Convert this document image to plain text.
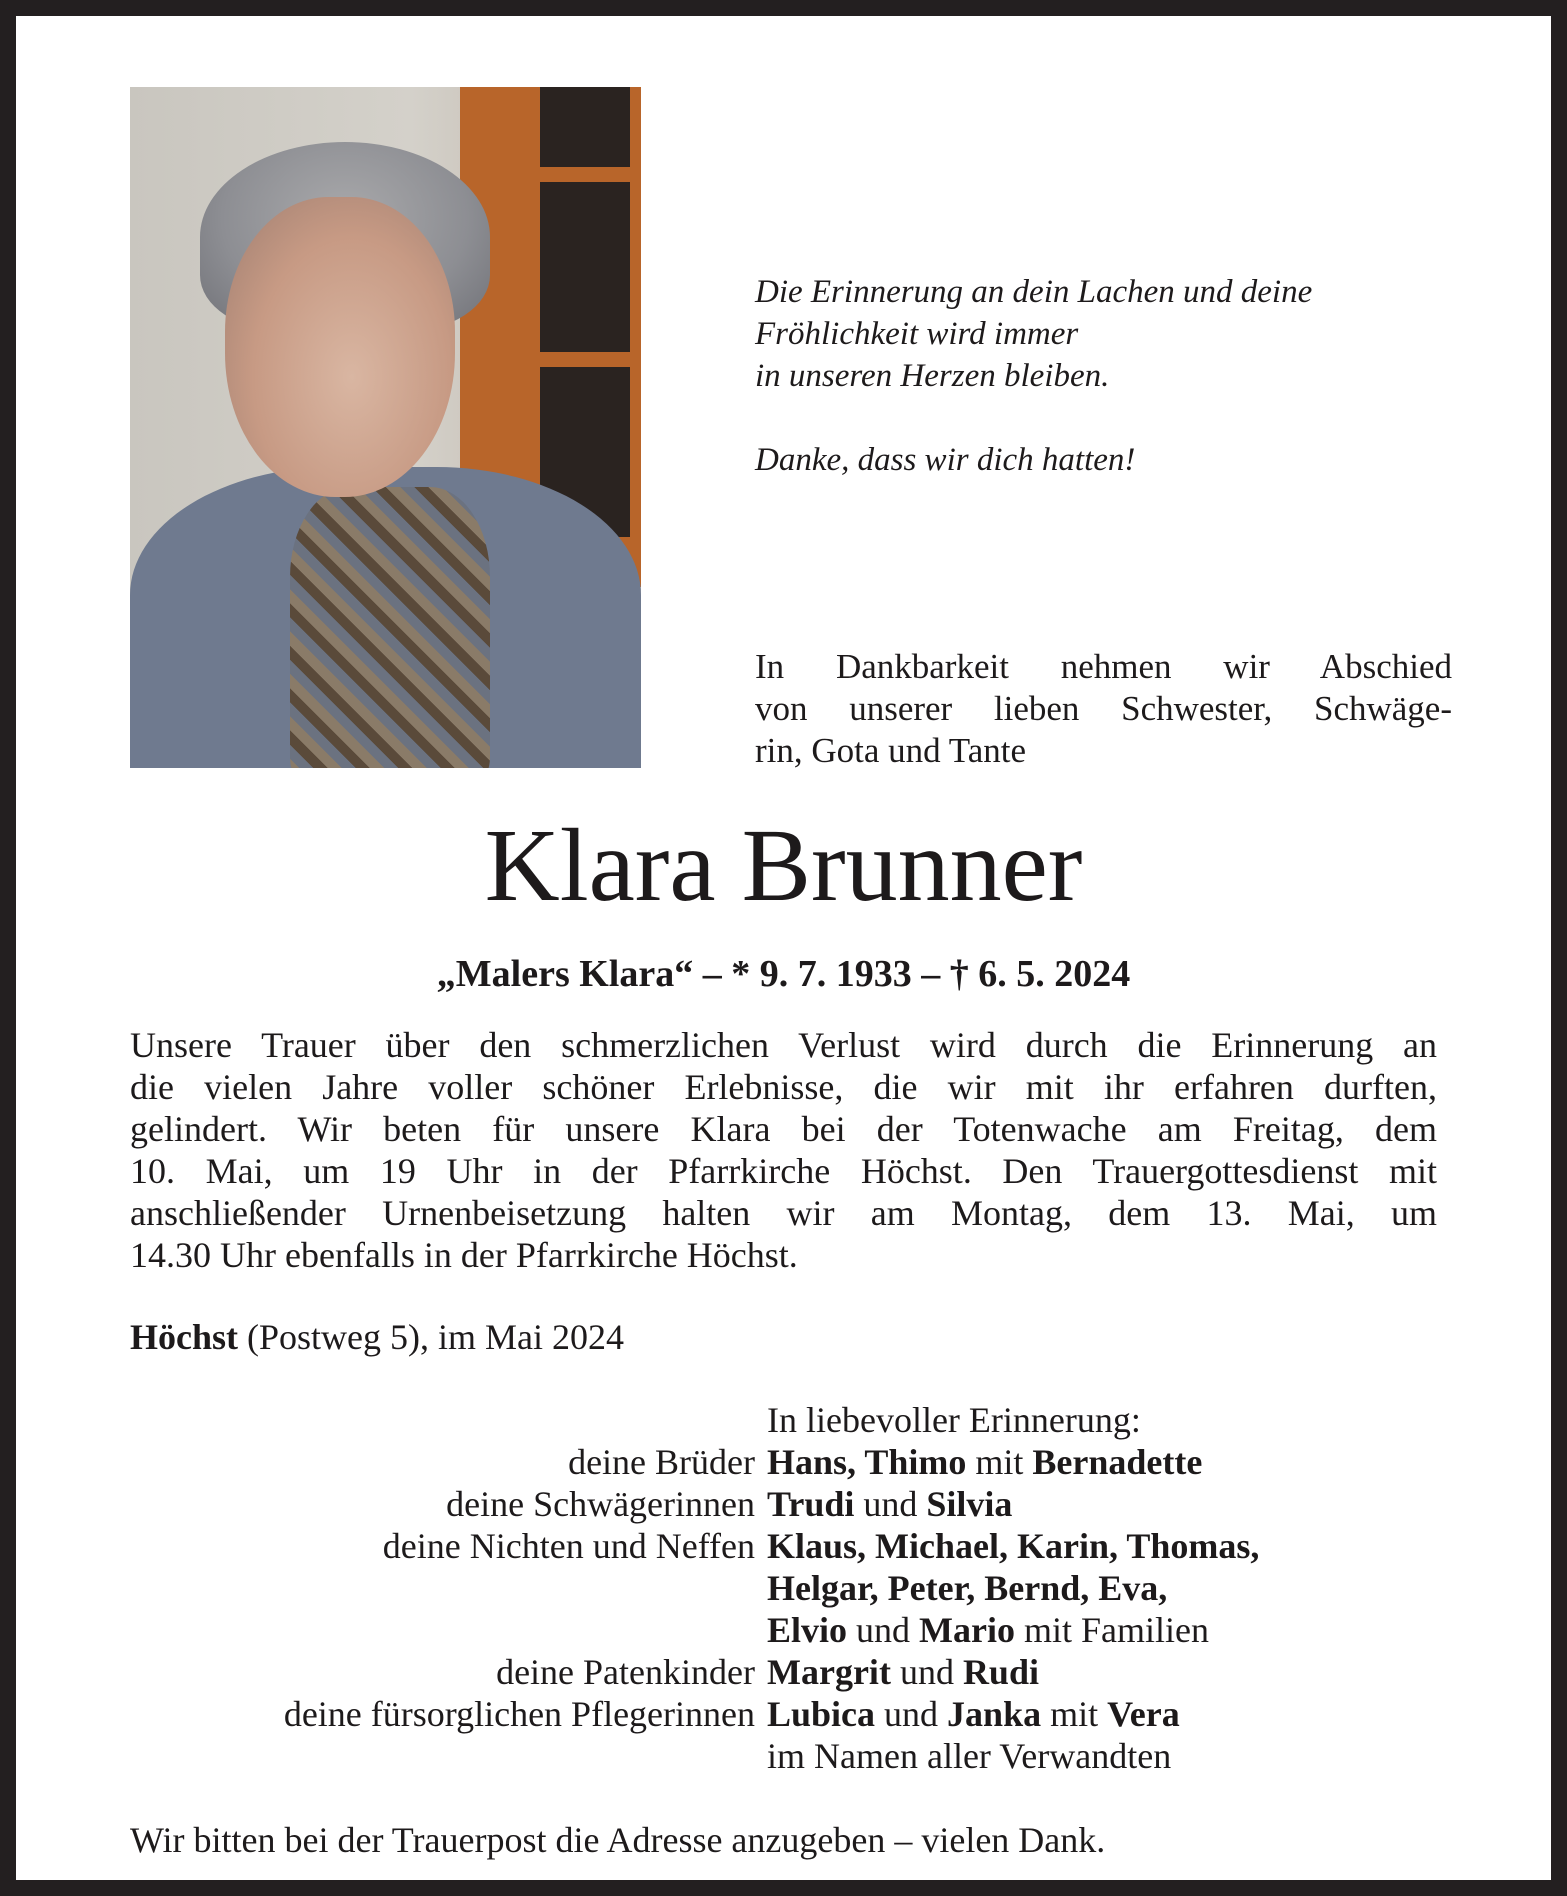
Die Erinnerung an dein Lachen und deine
Fröhlichkeit wird immer
in unseren Herzen bleiben.
Danke, dass wir dich hatten!
In Dankbarkeit nehmen wir Abschied
von unserer lieben Schwester, Schwäge-
rin, Gota und Tante
Klara Brunner
„Malers Klara“ – * 9. 7. 1933 – † 6. 5. 2024
Unsere Trauer über den schmerzlichen Verlust wird durch die Erinnerung an
die vielen Jahre voller schöner Erlebnisse, die wir mit ihr erfahren durften,
gelindert. Wir beten für unsere Klara bei der Totenwache am Freitag, dem
10. Mai, um 19 Uhr in der Pfarrkirche Höchst. Den Trauergottesdienst mit
anschließender Urnenbeisetzung halten wir am Montag, dem 13. Mai, um
14.30 Uhr ebenfalls in der Pfarrkirche Höchst.
Höchst (Postweg 5), im Mai 2024
In liebevoller Erinnerung:
deine Brüder Hans, Thimo mit Bernadette
deine Schwägerinnen Trudi und Silvia
deine Nichten und Neffen Klaus, Michael, Karin, Thomas,
Helgar, Peter, Bernd, Eva,
Elvio und Mario mit Familien
deine Patenkinder Margrit und Rudi
deine fürsorglichen Pflegerinnen Lubica und Janka mit Vera
im Namen aller Verwandten
Wir bitten bei der Trauerpost die Adresse anzugeben – vielen Dank.
